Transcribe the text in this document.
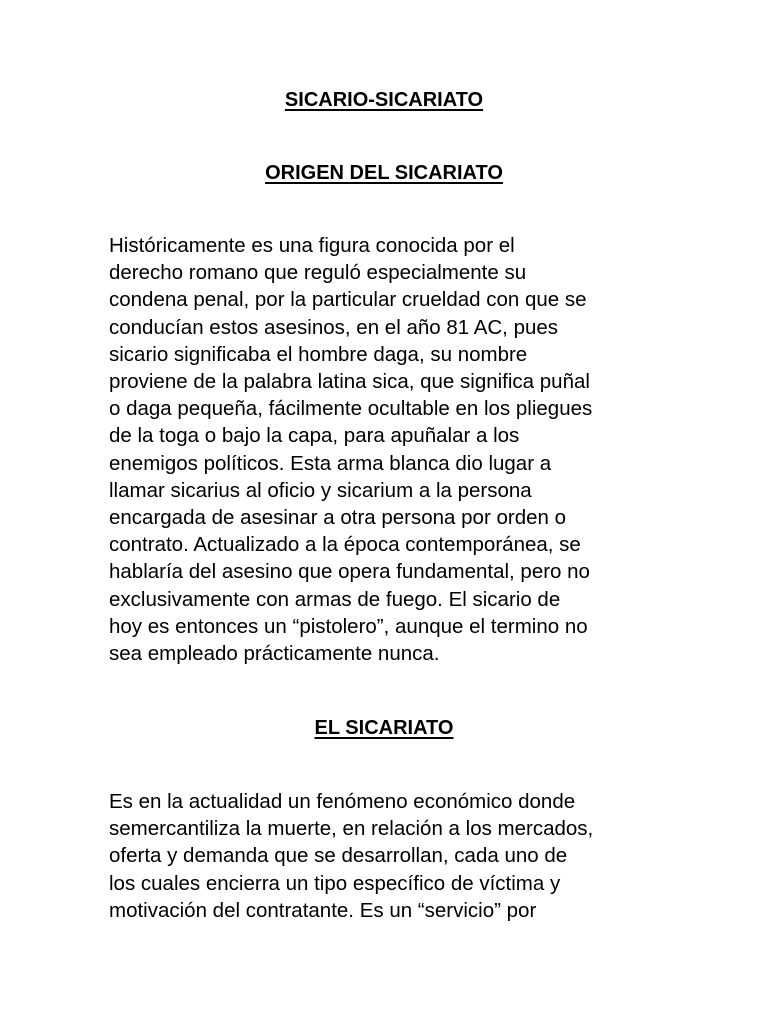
SICARIO-SICARIATO
ORIGEN DEL SICARIATO

Históricamente es una figura conocida por el
derecho romano que reguló especialmente su
condena penal, por la particular crueldad con que se
conducían estos asesinos, en el año 81 AC, pues
sicario significaba el hombre daga, su nombre
proviene de la palabra latina sica, que significa puñal
o daga pequeña, fácilmente ocultable en los pliegues
de la toga o bajo la capa, para apuñalar a los
enemigos políticos. Esta arma blanca dio lugar a
llamar sicarius al oficio y sicarium a la persona
encargada de asesinar a otra persona por orden o
contrato. Actualizado a la época contemporánea, se
hablaría del asesino que opera fundamental, pero no
exclusivamente con armas de fuego. El sicario de
hoy es entonces un “pistolero”, aunque el termino no
sea empleado prácticamente nunca.

EL SICARIATO

Es en la actualidad un fenómeno económico donde
semercantiliza la muerte, en relación a los mercados,
oferta y demanda que se desarrollan, cada uno de
los cuales encierra un tipo específico de víctima y
motivación del contratante. Es un “servicio” por
